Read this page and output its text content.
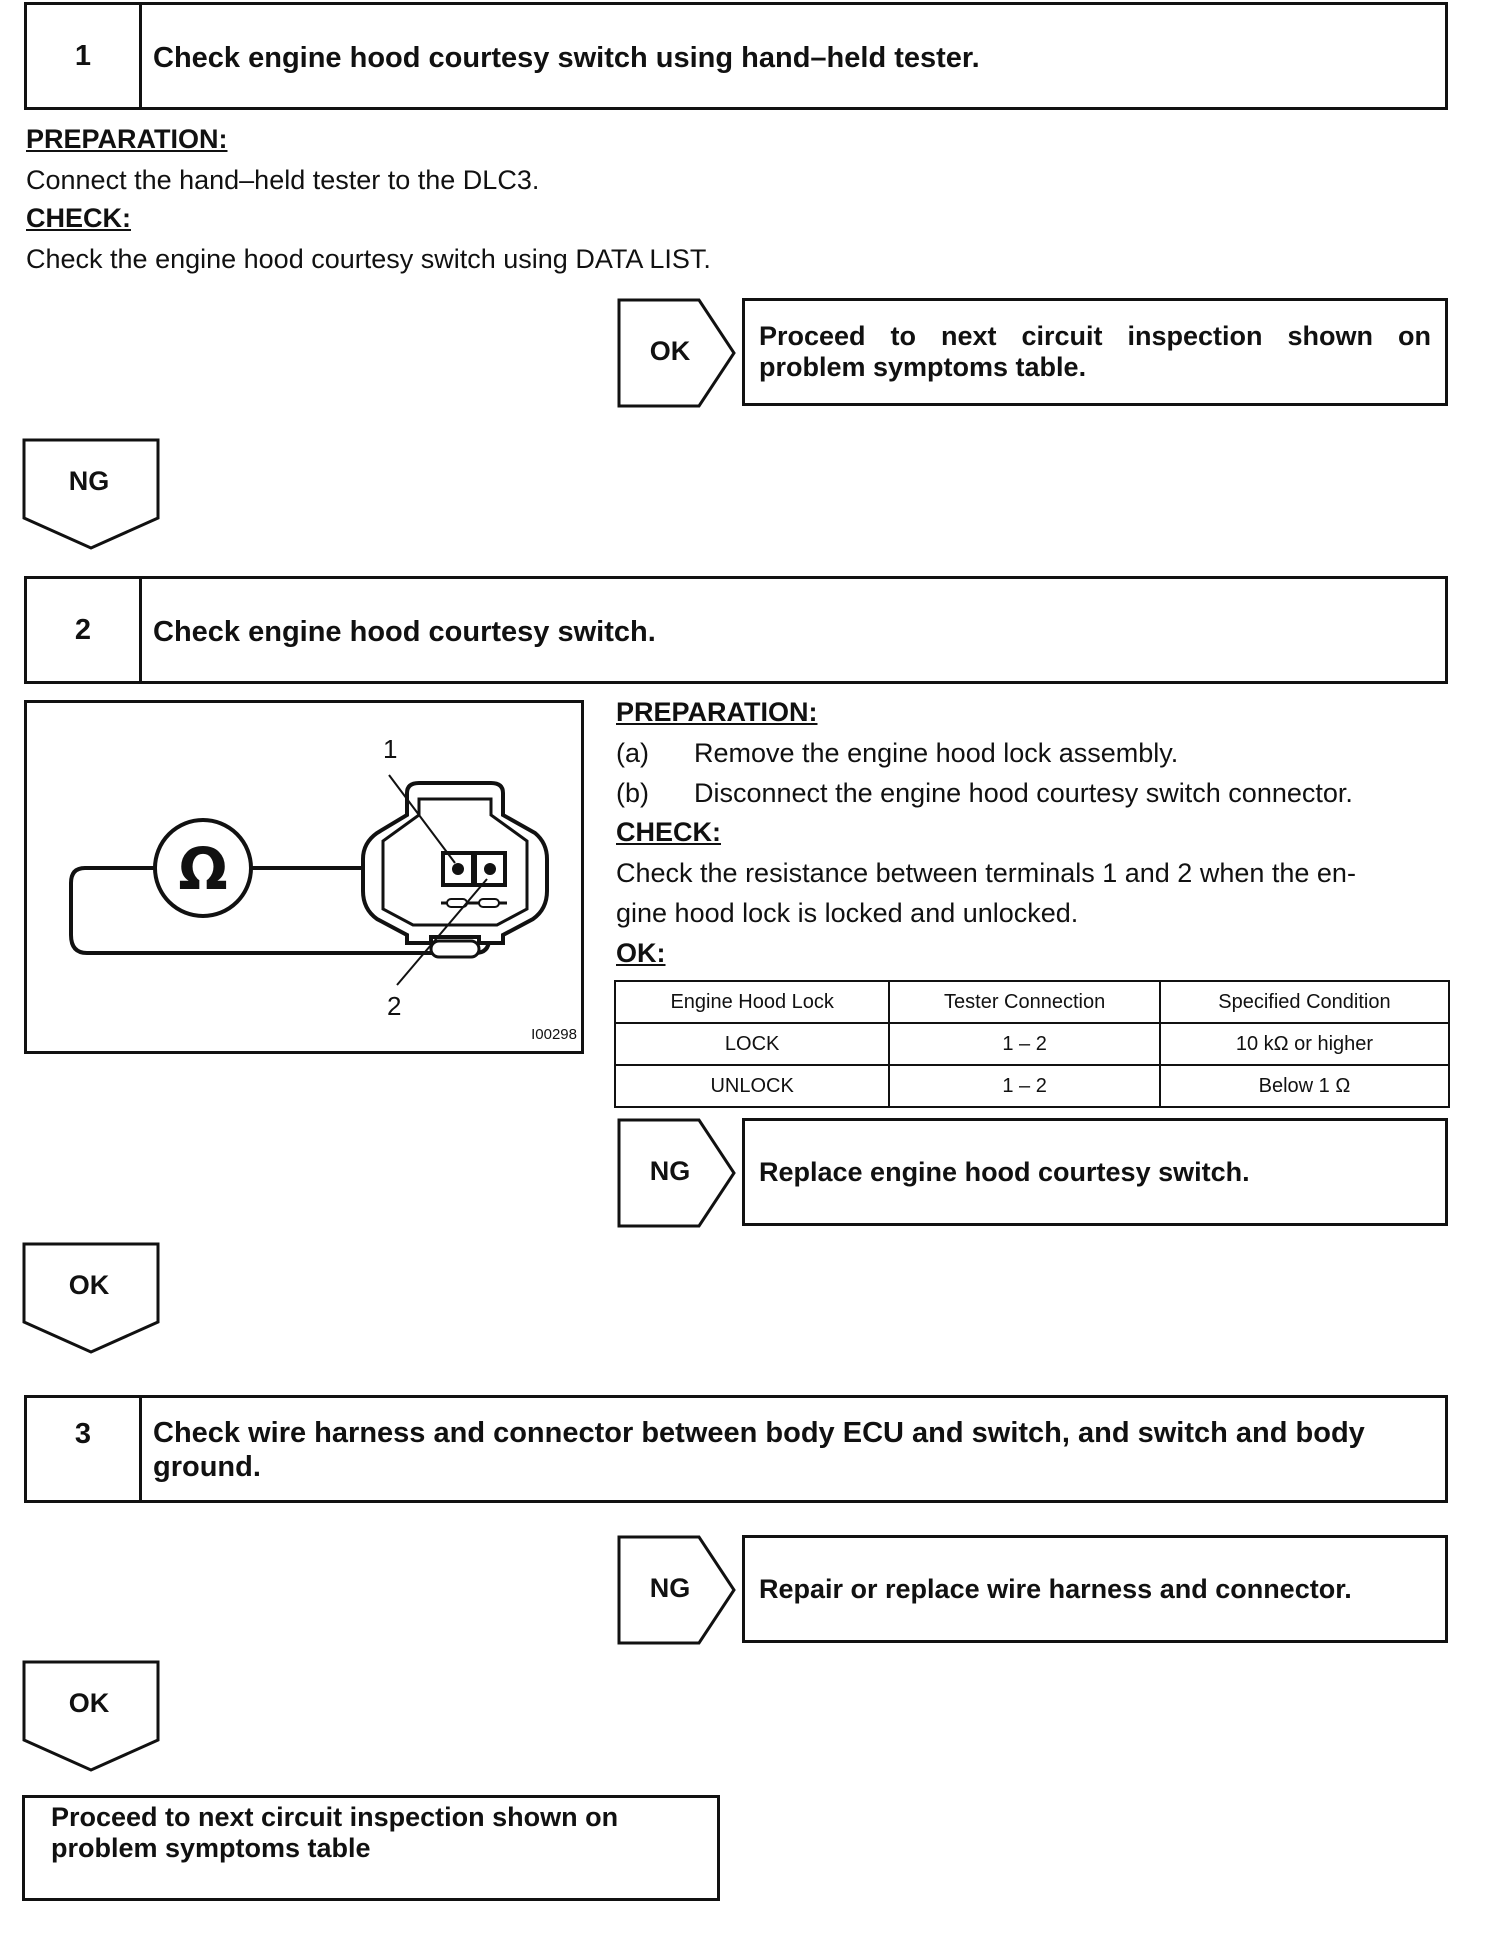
1	Check engine hood courtesy switch using hand–held tester.
PREPARATION:
Connect the hand–held tester to the DLC3.
CHECK:
Check the engine hood courtesy switch using DATA LIST.
OK	Proceed to next circuit inspection shown on problem symptoms table.
NG
2	Check engine hood courtesy switch.
Ω
1
2
I00298
PREPARATION:
(a) Remove the engine hood lock assembly.
(b) Disconnect the engine hood courtesy switch connector.
CHECK:
Check the resistance between terminals 1 and 2 when the en-
gine hood lock is locked and unlocked.
OK:
Engine Hood Lock	Tester Connection	Specified Condition
LOCK	1 – 2	10 kΩ or higher
UNLOCK	1 – 2	Below 1 Ω
NG	Replace engine hood courtesy switch.
OK
3	Check wire harness and connector between body ECU and switch, and switch and body ground.
NG	Repair or replace wire harness and connector.
OK
Proceed to next circuit inspection shown on problem symptoms table
